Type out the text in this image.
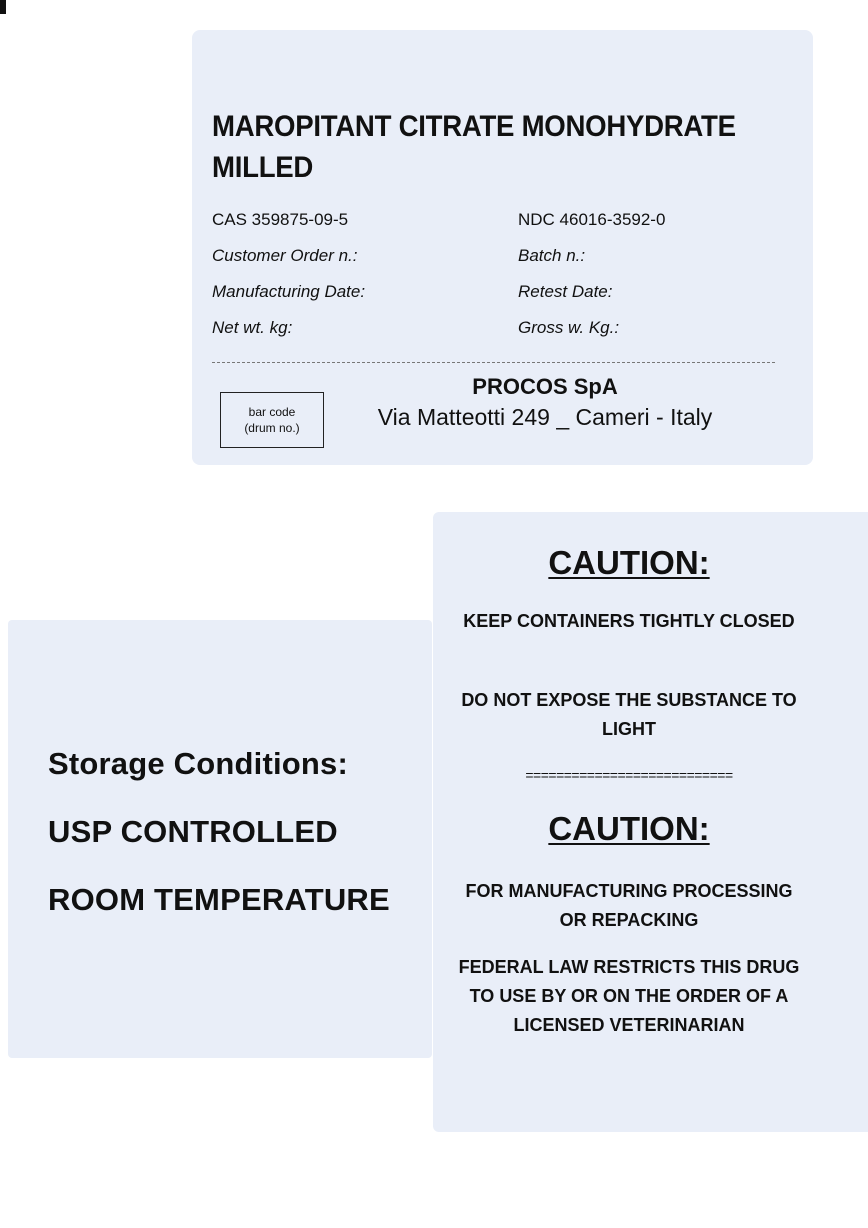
MAROPITANT CITRATE MONOHYDRATE MILLED
CAS 359875-09-5	NDC 46016-3592-0
Customer Order n.:	Batch n.:
Manufacturing Date:	Retest Date:
Net wt. kg:	Gross w. Kg.:
bar code
(drum no.)
PROCOS SpA
Via Matteotti 249 _ Cameri - Italy
Storage Conditions:
USP CONTROLLED
ROOM TEMPERATURE
CAUTION:
KEEP CONTAINERS TIGHTLY CLOSED
DO NOT EXPOSE THE SUBSTANCE TO LIGHT
===========================
CAUTION:
FOR MANUFACTURING PROCESSING OR REPACKING
FEDERAL LAW RESTRICTS THIS DRUG TO USE BY OR ON THE ORDER OF A LICENSED VETERINARIAN
